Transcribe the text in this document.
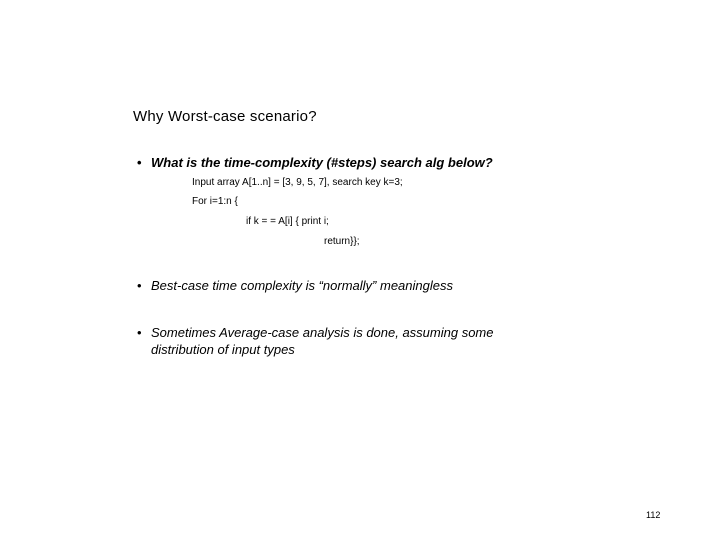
Why Worst-case scenario?
• What is the time-complexity (#steps) search alg below?
Input array A[1..n] = [3, 9, 5, 7], search key k=3;
For i=1:n {
if k = = A[i] { print i;
return}};
• Best-case time complexity is “normally” meaningless
• Sometimes Average-case analysis is done, assuming some distribution of input types
112
